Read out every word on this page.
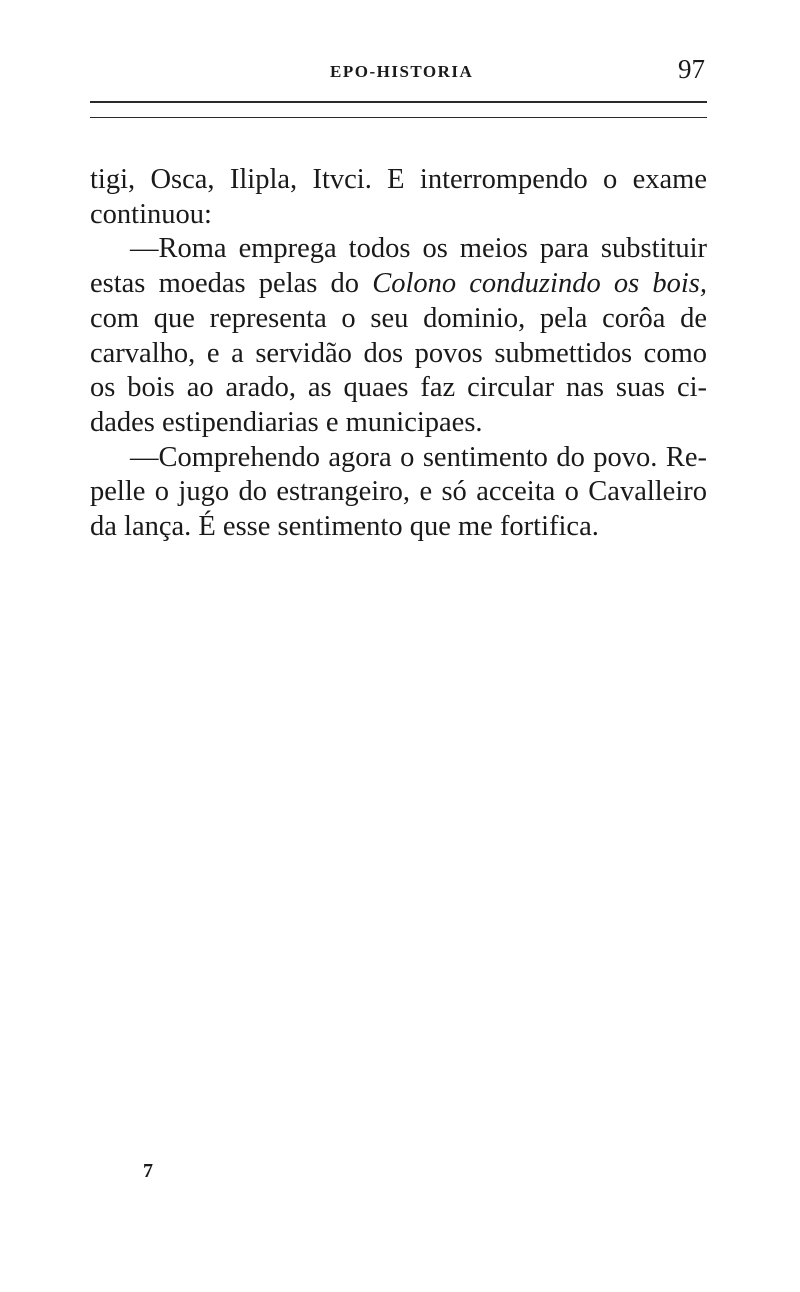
EPO-HISTORIA	97
tigi, Osca, Ilipla, Itvci. E interrompendo o exame
continuou:
—Roma emprega todos os meios para substituir
estas moedas pelas do Colono conduzindo os bois,
com que representa o seu dominio, pela corôa de
carvalho, e a servidão dos povos submettidos como
os bois ao arado, as quaes faz circular nas suas ci-
dades estipendiarias e municipaes.
—Comprehendo agora o sentimento do povo. Re-
pelle o jugo do estrangeiro, e só acceita o Cavalleiro
da lança. É esse sentimento que me fortifica.
7
